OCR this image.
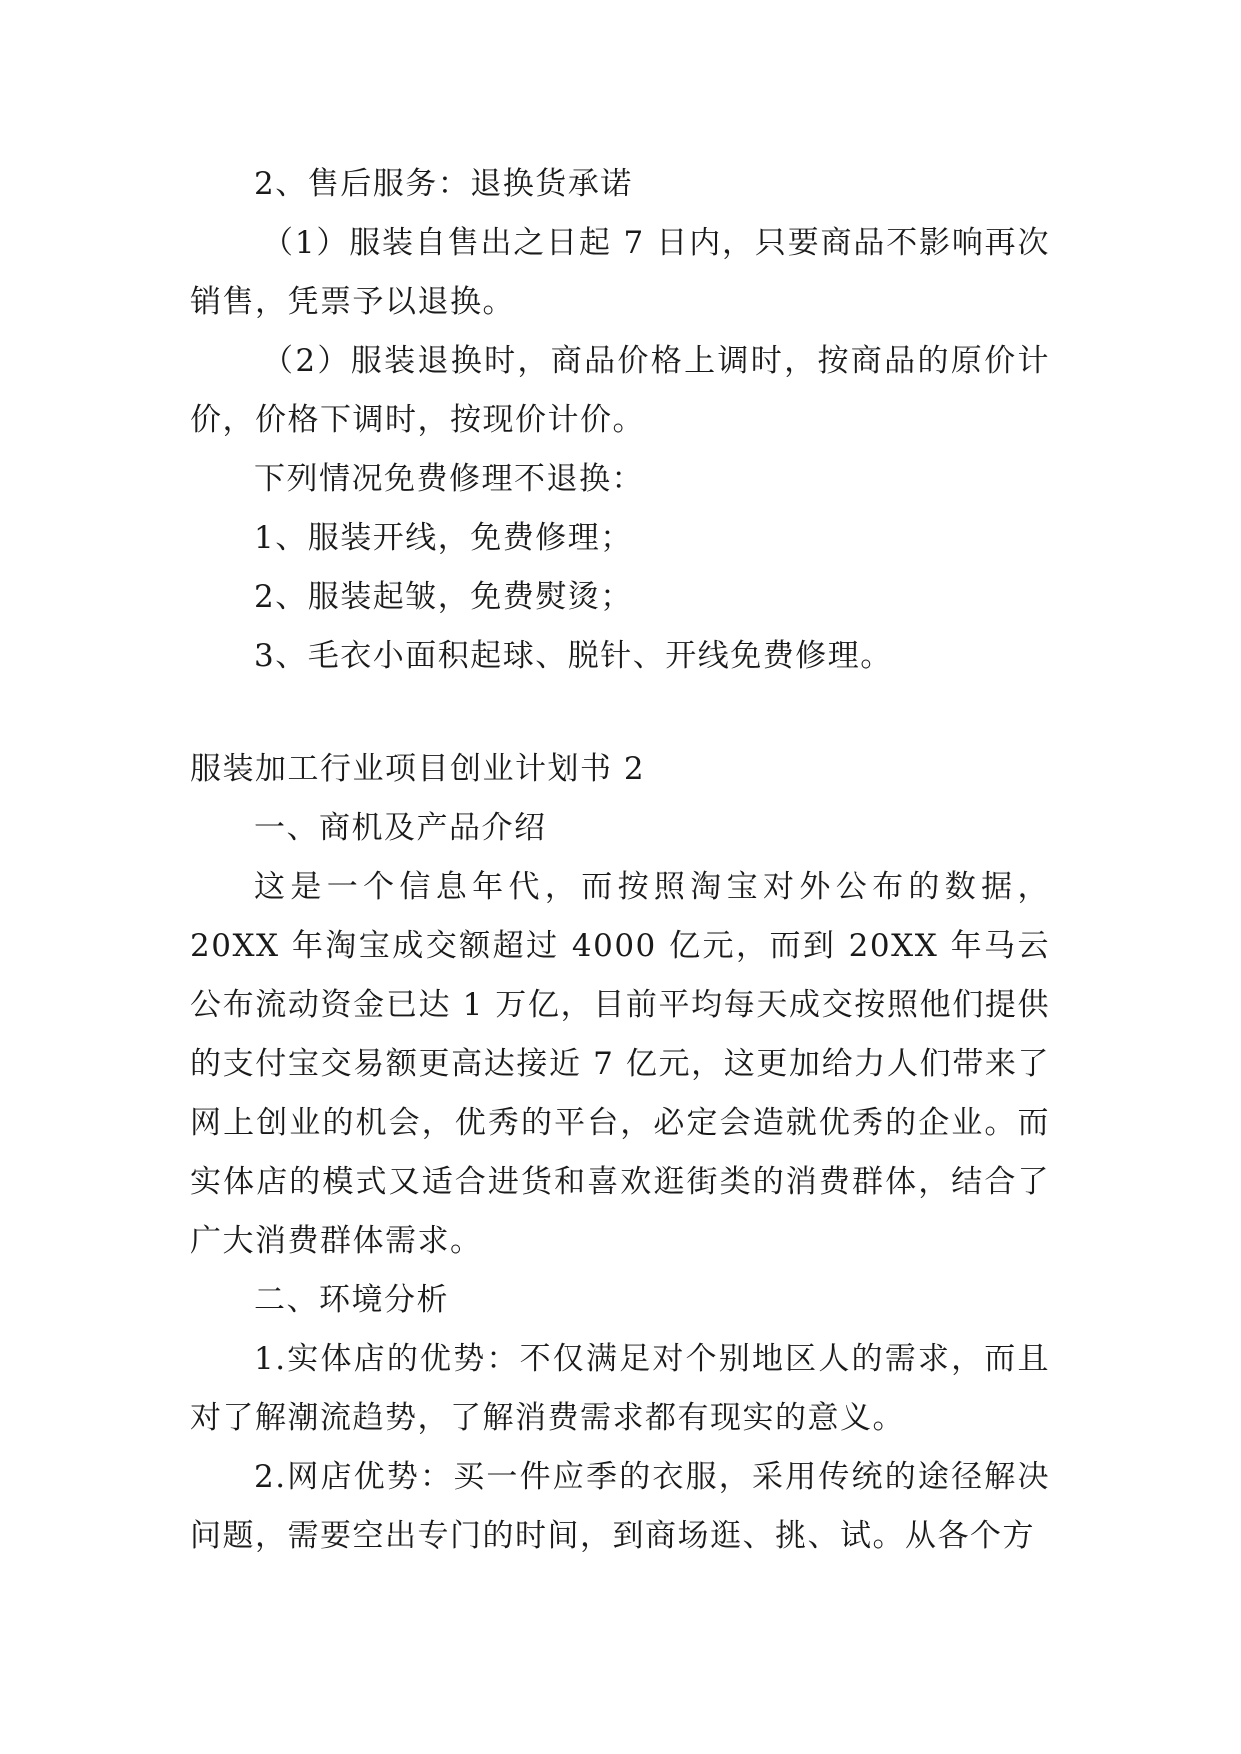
2、售后服务：退换货承诺

（1）服装自售出之日起 7 日内，只要商品不影响再次销售，凭票予以退换。

（2）服装退换时，商品价格上调时，按商品的原价计价，价格下调时，按现价计价。

下列情况免费修理不退换：

1、服装开线，免费修理；

2、服装起皱，免费熨烫；

3、毛衣小面积起球、脱针、开线免费修理。

服装加工行业项目创业计划书 2

一、商机及产品介绍

这是一个信息年代，而按照淘宝对外公布的数据，20XX 年淘宝成交额超过 4000 亿元，而到 20XX 年马云公布流动资金已达 1 万亿，目前平均每天成交按照他们提供的支付宝交易额更高达接近 7 亿元，这更加给力人们带来了网上创业的机会，优秀的平台，必定会造就优秀的企业。而实体店的模式又适合进货和喜欢逛街类的消费群体，结合了广大消费群体需求。

二、环境分析

1.实体店的优势：不仅满足对个别地区人的需求，而且对了解潮流趋势，了解消费需求都有现实的意义。

2.网店优势：买一件应季的衣服，采用传统的途径解决问题，需要空出专门的时间，到商场逛、挑、试。从各个方
